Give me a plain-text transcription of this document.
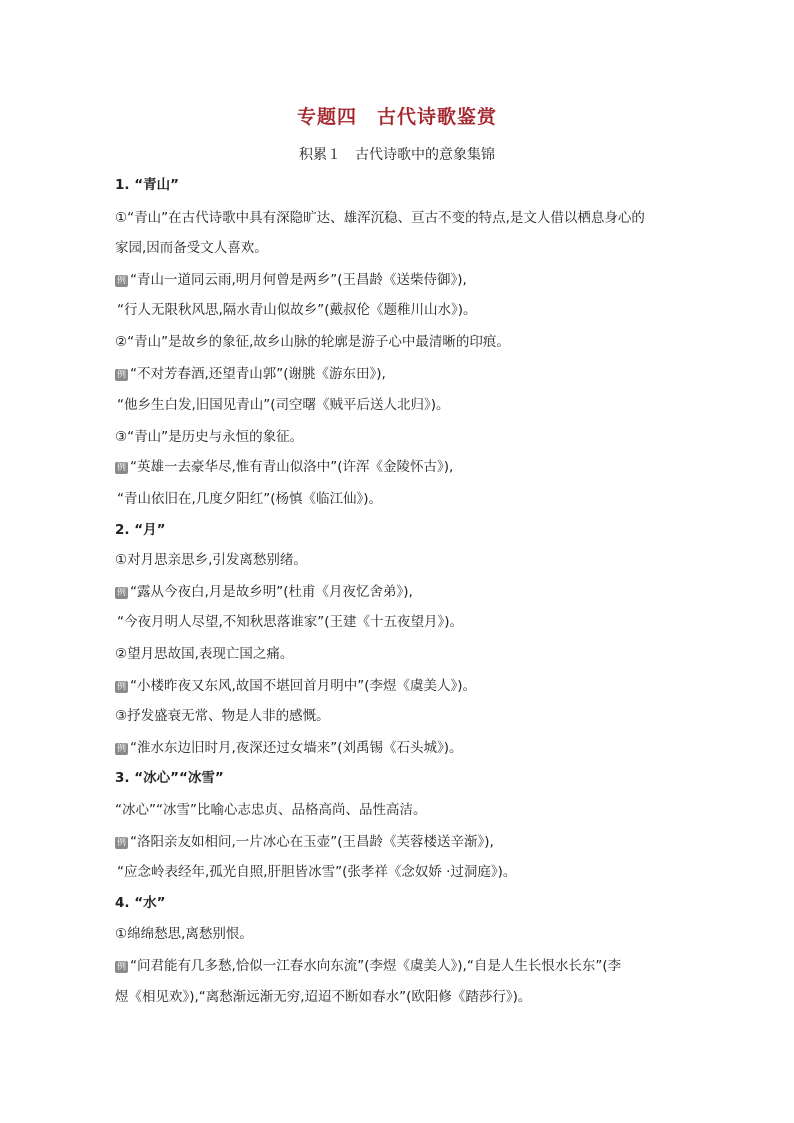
专题四　古代诗歌鉴赏
积累１　古代诗歌中的意象集锦
1. “青山”
①“青山”在古代诗歌中具有深隐旷达、雄浑沉稳、亘古不变的特点,是文人借以栖息身心的
家园,因而备受文人喜欢。
例 “青山一道同云雨,明月何曾是两乡”(王昌龄《送柴侍御》),
“行人无限秋风思,隔水青山似故乡”(戴叔伦《题稚川山水》)。
②“青山”是故乡的象征,故乡山脉的轮廓是游子心中最清晰的印痕。
例 “不对芳春酒,还望青山郭”(谢朓《游东田》),
“他乡生白发,旧国见青山”(司空曙《贼平后送人北归》)。
③“青山”是历史与永恒的象征。
例 “英雄一去豪华尽,惟有青山似洛中”(许浑《金陵怀古》),
“青山依旧在,几度夕阳红”(杨慎《临江仙》)。
2. “月”
①对月思亲思乡,引发离愁别绪。
例 “露从今夜白,月是故乡明”(杜甫《月夜忆舍弟》),
“今夜月明人尽望,不知秋思落谁家”(王建《十五夜望月》)。
②望月思故国,表现亡国之痛。
例 “小楼昨夜又东风,故国不堪回首月明中”(李煜《虞美人》)。
③抒发盛衰无常、物是人非的感慨。
例 “淮水东边旧时月,夜深还过女墙来”(刘禹锡《石头城》)。
3. “冰心”“冰雪”
“冰心”“冰雪”比喻心志忠贞、品格高尚、品性高洁。
例 “洛阳亲友如相问,一片冰心在玉壶”(王昌龄《芙蓉楼送辛渐》),
“应念岭表经年,孤光自照,肝胆皆冰雪”(张孝祥《念奴娇 ·过洞庭》)。
4. “水”
①绵绵愁思,离愁别恨。
例 “问君能有几多愁,恰似一江春水向东流”(李煜《虞美人》),“自是人生长恨水长东”(李
煜《相见欢》),“离愁渐远渐无穷,迢迢不断如春水”(欧阳修《踏莎行》)。
